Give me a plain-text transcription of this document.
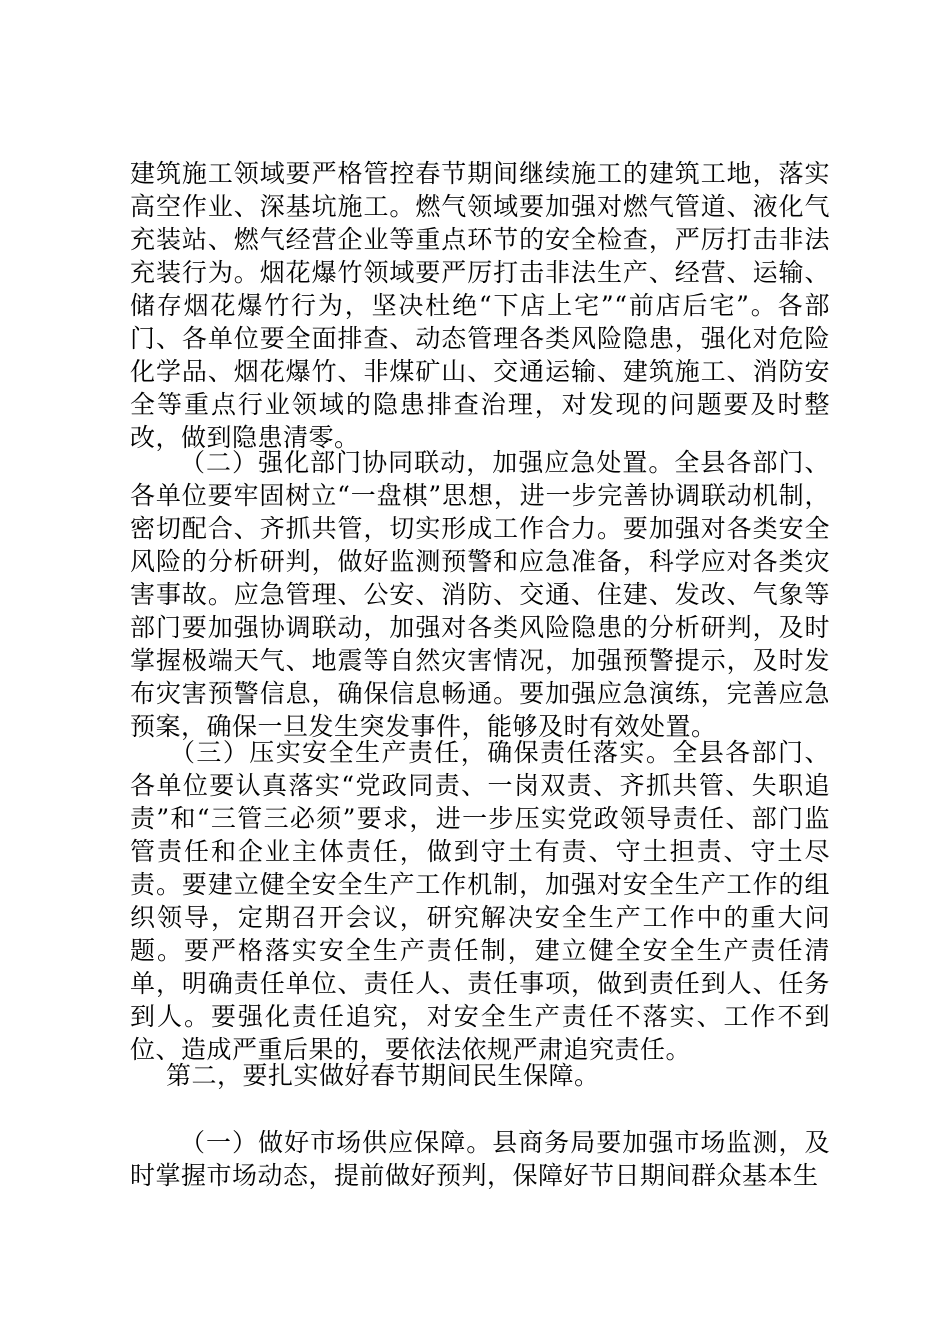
建筑施工领域要严格管控春节期间继续施工的建筑工地，落实高空作业、深基坑施工。燃气领域要加强对燃气管道、液化气充装站、燃气经营企业等重点环节的安全检查，严厉打击非法充装行为。烟花爆竹领域要严厉打击非法生产、经营、运输、储存烟花爆竹行为，坚决杜绝“下店上宅”“前店后宅”。各部门、各单位要全面排查、动态管理各类风险隐患，强化对危险化学品、烟花爆竹、非煤矿山、交通运输、建筑施工、消防安全等重点行业领域的隐患排查治理，对发现的问题要及时整改，做到隐患清零。

（二）强化部门协同联动，加强应急处置。全县各部门、各单位要牢固树立“一盘棋”思想，进一步完善协调联动机制，密切配合、齐抓共管，切实形成工作合力。要加强对各类安全风险的分析研判，做好监测预警和应急准备，科学应对各类灾害事故。应急管理、公安、消防、交通、住建、发改、气象等部门要加强协调联动，加强对各类风险隐患的分析研判，及时掌握极端天气、地震等自然灾害情况，加强预警提示，及时发布灾害预警信息，确保信息畅通。要加强应急演练，完善应急预案，确保一旦发生突发事件，能够及时有效处置。

（三）压实安全生产责任，确保责任落实。全县各部门、各单位要认真落实“党政同责、一岗双责、齐抓共管、失职追责”和“三管三必须”要求，进一步压实党政领导责任、部门监管责任和企业主体责任，做到守土有责、守土担责、守土尽责。要建立健全安全生产工作机制，加强对安全生产工作的组织领导，定期召开会议，研究解决安全生产工作中的重大问题。要严格落实安全生产责任制，建立健全安全生产责任清单，明确责任单位、责任人、责任事项，做到责任到人、任务到人。要强化责任追究，对安全生产责任不落实、工作不到位、造成严重后果的，要依法依规严肃追究责任。

第二，要扎实做好春节期间民生保障。

（一）做好市场供应保障。县商务局要加强市场监测，及时掌握市场动态，提前做好预判，保障好节日期间群众基本生
